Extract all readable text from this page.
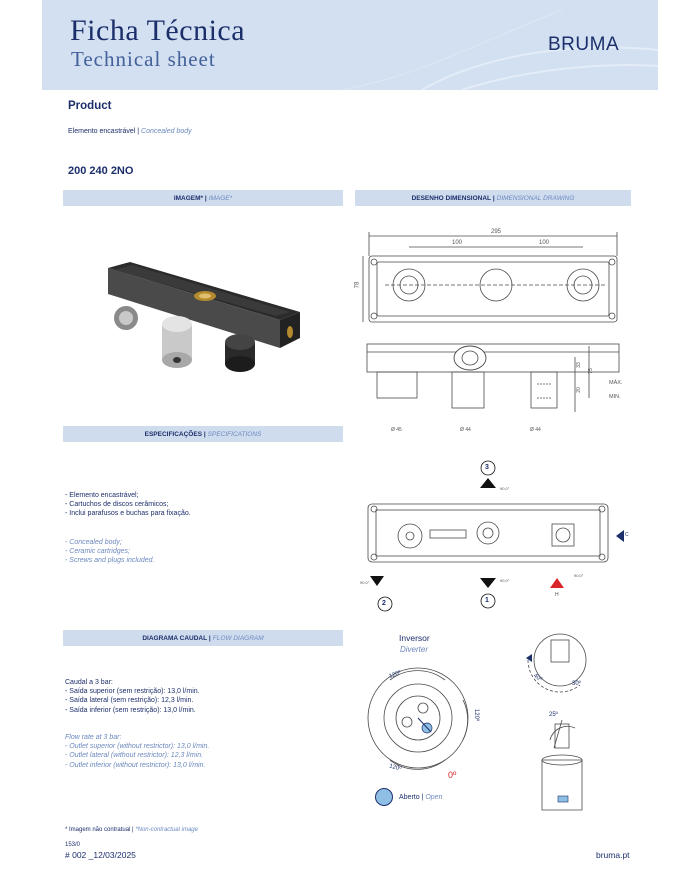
Ficha Técnica
Technical sheet
BRUMA
Product
Elemento encastrável | Concealed body
200 240 2NO
IMAGEM* | IMAGE*	DESENHO DIMENSIONAL | DIMENSIONAL DRAWING
ESPECIFICAÇÕES | SPECIFICATIONS
DIAGRAMA CAUDAL | FLOW DIAGRAM
295
100	100
78
33
20
75
MÁX.
MIN.
Ø 45	Ø 44	Ø 44
3
1
2
90,0°
90,0°
90,0°
90,0°
C
H
- Elemento encastrável;
- Cartuchos de discos cerâmicos;
- Inclui parafusos e buchas para fixação.
- Concealed body;
- Ceramic cartridges;
- Screws and plugs included.
Caudal a 3 bar:
- Saída superior (sem restrição): 13,0 l/min.
- Saída lateral (sem restrição): 12,3 l/min.
- Saída inferior (sem restrição): 13,0 l/min.
Flow rate at 3 bar:
- Outlet superior (without restrictor): 13,0 l/min.
- Outlet lateral (without restrictor): 12,3 l/min.
- Outlet inferior (without restrictor): 13,0 l/min.
Inversor
Diverter
120º
120º
120º
0º
40º
30º
25º
Aberto | Open
* Imagem não contratual | *Non-contractual image
153/0
# 002 _12/03/2025	bruma.pt
